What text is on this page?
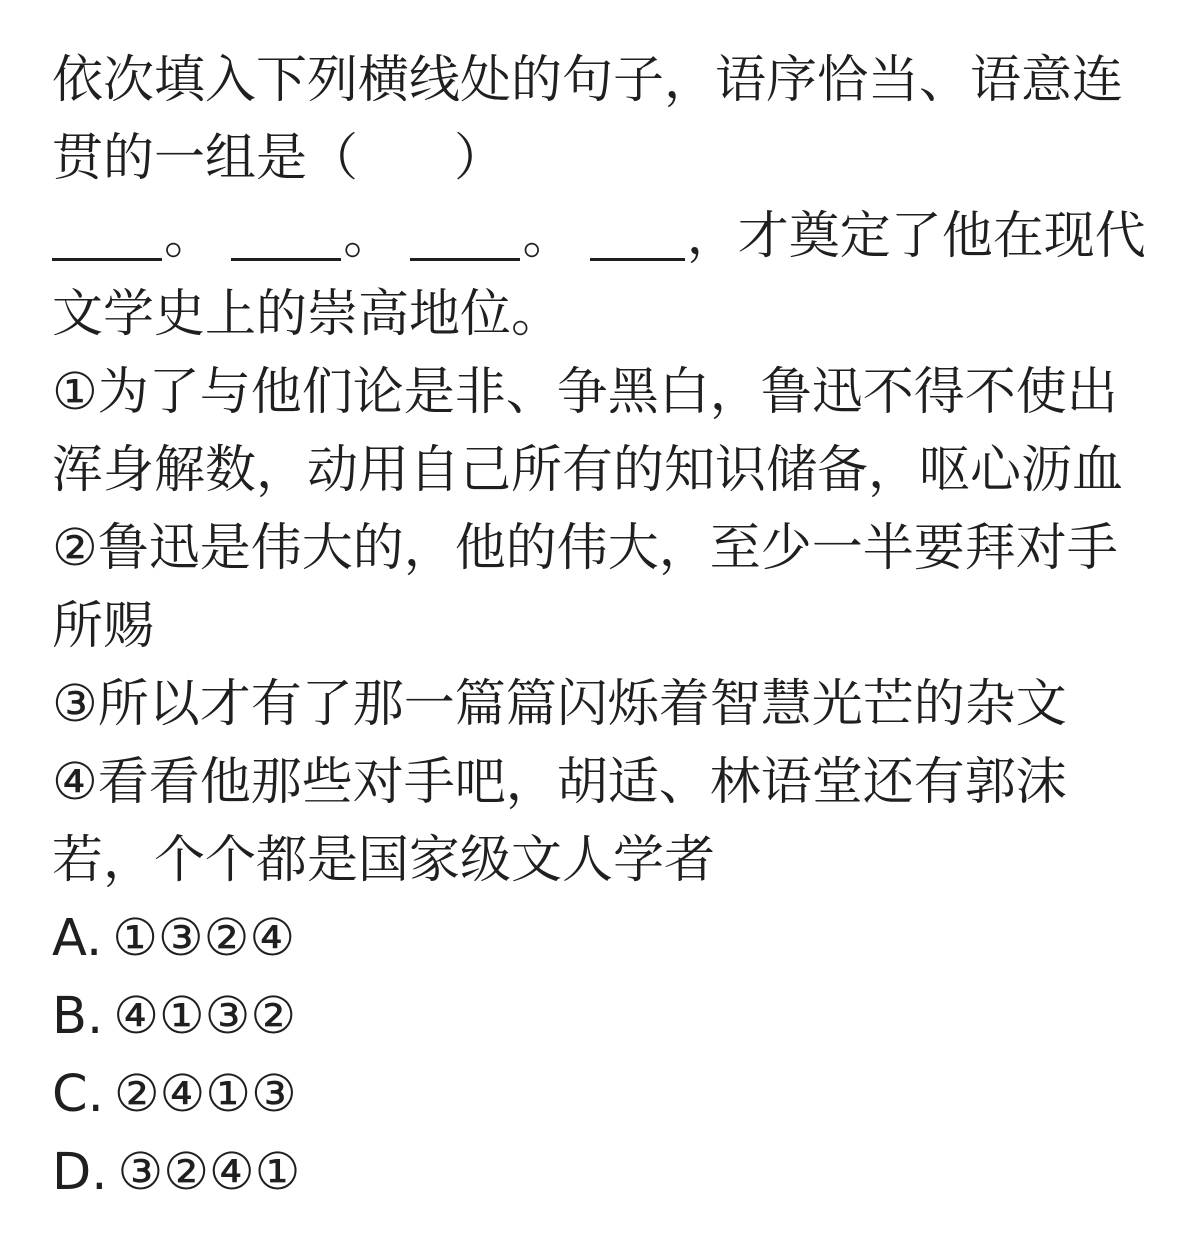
依次填入下列横线处的句子，语序恰当、语意连
贯的一组是（ ）
。	。	。 ，才奠定了他在现代
文学史上的崇高地位。
①为了与他们论是非、争黑白，鲁迅不得不使出
浑身解数，动用自己所有的知识储备，呕心沥血
②鲁迅是伟大的，他的伟大，至少一半要拜对手
所赐
③所以才有了那一篇篇闪烁着智慧光芒的杂文
④看看他那些对手吧，胡适、林语堂还有郭沫
若，个个都是国家级文人学者
A. ①③②④
B. ④①③②
C. ②④①③
D. ③②④①
